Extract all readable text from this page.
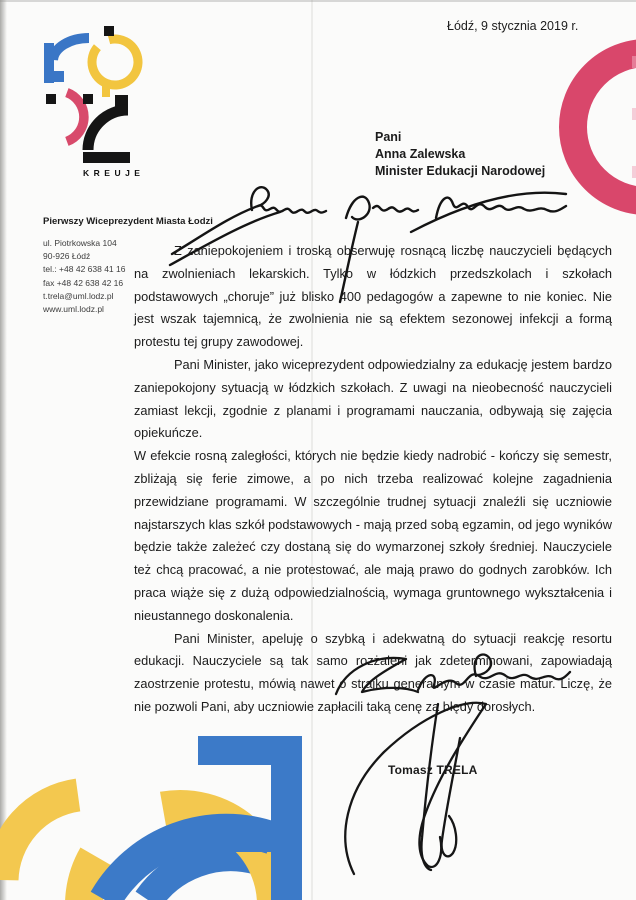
Łódź, 9 stycznia 2019 r.
KREUJE
Pani
Anna Zalewska
Minister Edukacji Narodowej
Pierwszy Wiceprezydent Miasta Łodzi
ul. Piotrkowska 104
90-926 Łódź
tel.: +48 42 638 41 16
fax +48 42 638 42 16
t.trela@uml.lodz.pl
www.uml.lodz.pl

Z zaniepokojeniem i troską obserwuję rosnącą liczbę nauczycieli będących na zwolnieniach lekarskich. Tylko w łódzkich przedszkolach i szkołach podstawowych „choruje” już blisko 400 pedagogów a zapewne to nie koniec. Nie jest wszak tajemnicą, że zwolnienia nie są efektem sezonowej infekcji a formą protestu tej grupy zawodowej.

Pani Minister, jako wiceprezydent odpowiedzialny za edukację jestem bardzo zaniepokojony sytuacją w łódzkich szkołach. Z uwagi na nieobecność nauczycieli zamiast lekcji, zgodnie z planami i programami nauczania, odbywają się zajęcia opiekuńcze.

W efekcie rosną zaległości, których nie będzie kiedy nadrobić - kończy się semestr, zbliżają się ferie zimowe, a po nich trzeba realizować kolejne zagadnienia przewidziane programami. W szczególnie trudnej sytuacji znaleźli się uczniowie najstarszych klas szkół podstawowych - mają przed sobą egzamin, od jego wyników będzie także zależeć czy dostaną się do wymarzonej szkoły średniej. Nauczyciele też chcą pracować, a nie protestować, ale mają prawo do godnych zarobków. Ich praca wiąże się z dużą odpowiedzialnością, wymaga gruntownego wykształcenia i nieustannego doskonalenia.

Pani Minister, apeluję o szybką i adekwatną do sytuacji reakcję resortu edukacji. Nauczyciele są tak samo rozżaleni jak zdeterminowani, zapowiadają zaostrzenie protestu, mówią nawet o strajku generalnym w czasie matur. Liczę, że nie pozwoli Pani, aby uczniowie zapłacili taką cenę za błędy dorosłych.

Tomasz TRELA
